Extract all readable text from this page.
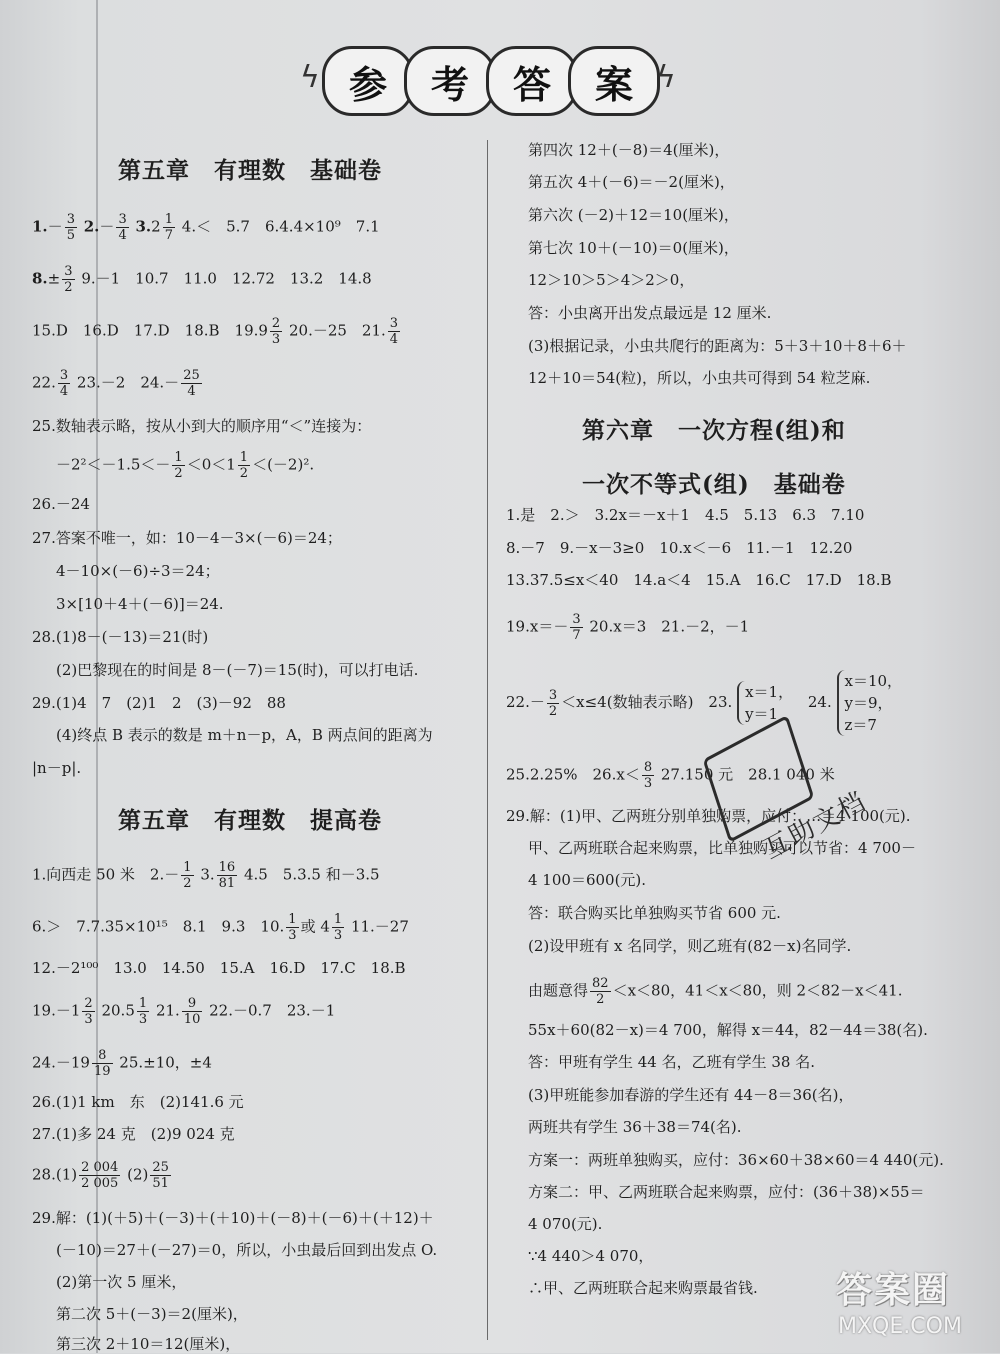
ϟ 参	考	答	案 ϟ
第五章　有理数　基础卷
$1.- \frac{3}{5} 2.- \frac{3}{4} 3.2 \frac{1}{7} 4.<$　5.7　6.4.4×10⁹　7.1
$8.\pm \frac{3}{2} 9.-1$　10.7　11.0　12.72　13.2　14.8
15.D　16.D　17.D　18.B　$19.9 \frac{2}{3} 20.-25$　21. $\frac{3}{4}$
22. $\frac{3}{4} 23.-2$　$24.- \frac{25}{4}$
25.数轴表示略，按从小到大的顺序用“＜”连接为：
$-2^2<-1.5<- \frac{1}{2} <0<1 \frac{1}{2} <(-2)^2$.
26.－24
27.答案不唯一，如：10－4－3×(－6)＝24；
4－10×(－6)÷3＝24；
3×[10＋4＋(－6)]＝24.
28.(1)8－(－13)＝21(时)
(2)巴黎现在的时间是 8－(－7)＝15(时)，可以打电话.
29.(1)4　7　(2)1　2　(3)－92　88
(4)终点 B 表示的数是 m＋n－p，A，B 两点间的距离为
|n－p|.
第五章　有理数　提高卷
1.向西走 50 米　$2.- \frac{1}{2} 3$. $\frac{16}{81} 4.5$　5.3.5 和－3.5
6.＞　7.7.35×10¹⁵　8.1　9.3　10. $\frac{1}{3}$ 或 $4 \frac{1}{3} 11.-27$
12.－2¹⁰⁰　13.0　14.50　15.A　16.D　17.C　18.B
$19.-1 \frac{2}{3} 20.5 \frac{1}{3} 21$. $\frac{9}{10} 22.-0.7$　23.－1
$24.-19 \frac{8}{19} 25.\pm 10$，±4
26.(1)1 km　东　(2)141.6 元
27.(1)多 24 克　(2)9 024 克
$28.(1) \frac{2 004}{2 005} (2) \frac{25}{51}$
29.解：(1)(＋5)＋(－3)＋(＋10)＋(－8)＋(－6)＋(＋12)＋
(－10)＝27＋(－27)＝0，所以，小虫最后回到出发点 O.
(2)第一次 5 厘米，
第二次 5＋(－3)＝2(厘米)，
第三次 2＋10＝12(厘米)，
第四次 12＋(－8)＝4(厘米)，
第五次 4＋(－6)＝－2(厘米)，
第六次 (－2)＋12＝10(厘米)，
第七次 10＋(－10)＝0(厘米)，
12＞10＞5＞4＞2＞0，
答：小虫离开出发点最远是 12 厘米.
(3)根据记录，小虫共爬行的距离为：5＋3＋10＋8＋6＋
12＋10＝54(粒)，所以，小虫共可得到 54 粒芝麻.
第六章　一次方程(组)和
一次不等式(组)　基础卷
1.是　2.＞　3.2x＝－x＋1　4.5　5.13　6.3　7.10
8.－7　9.－x－3≥0　10.x＜－6　11.－1　12.20
13.37.5≤x＜40　14.a＜4　15.A　16.C　17.D　18.B
$19.x=- \frac{3}{7} 20.x=3$　21.－2，－1
$22.- \frac{3}{2} <x\le 4$(数轴表示略)　23. x＝1，
y＝1 24. x＝10，
y＝9，
z＝7
25.2.25%　$26.x< \frac{8}{3} 27.150$ 元　28.1 040 米
29.解：(1)甲、乙两班分别单独购票，应付：…＝4 100(元).
甲、乙两班联合起来购票，比单独购买可以节省：4 700－
4 100＝600(元).
答：联合购买比单独购买节省 600 元.
(2)设甲班有 x 名同学，则乙班有(82－x)名同学.
由题意得 $\frac{82}{2} <x<80$，41＜x＜80，则 2＜82－x＜41.
55x＋60(82－x)＝4 700，解得 x＝44，82－44＝38(名).
答：甲班有学生 44 名，乙班有学生 38 名.
(3)甲班能参加春游的学生还有 44－8＝36(名)，
两班共有学生 36＋38＝74(名).
方案一：两班单独购买，应付：36×60＋38×60＝4 440(元).
方案二：甲、乙两班联合起来购票，应付：(36＋38)×55＝
4 070(元).
∵4 440＞4 070，
∴甲、乙两班联合起来购票最省钱.
互助文档
答案圈
MXQE.COM
